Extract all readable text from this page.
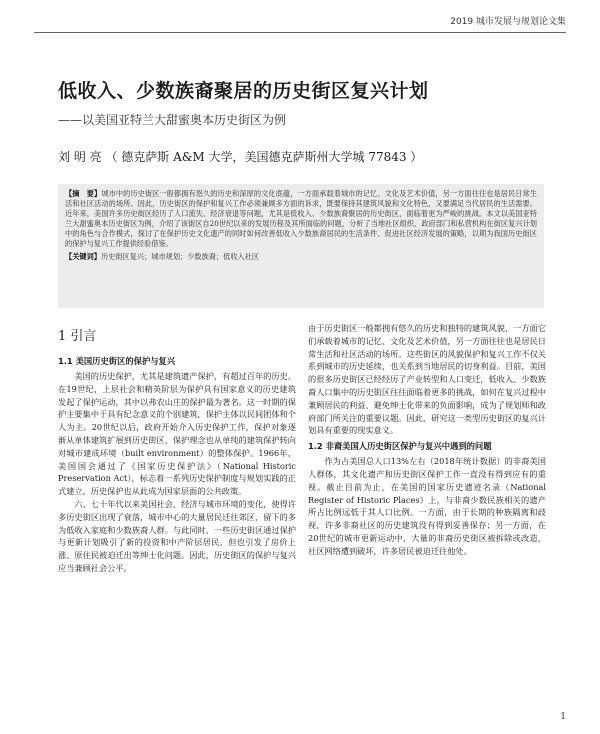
2019 城市发展与规划论文集
低收入、少数族裔聚居的历史街区复兴计划
——以美国亚特兰大甜蜜奥本历史街区为例
刘 明 亮 （ 德克萨斯 A&M 大学，美国德克萨斯州大学城 77843 ）
【摘　要】城市中的历史街区一般都拥有悠久的历史和深厚的文化底蕴，一方面承载着城市的记忆、文化及艺术价值，另一方面往往也是居民日常生活和社区活动的场所。因此，历史街区的保护和复兴工作必须兼顾多方面的诉求，既要保持其建筑风貌和文化特色，又要满足当代居民的生活需要。近年来，美国许多历史街区经历了人口流失、经济衰退等问题，尤其是低收入、少数族裔聚居的历史街区，面临着更为严峻的挑战。本文以美国亚特兰大甜蜜奥本历史街区为例，介绍了该街区自20世纪以来的发展历程及其所面临的问题，分析了当地社区组织、政府部门和私营机构在街区复兴计划中的角色与合作模式，探讨了在保护历史文化遗产的同时如何改善低收入少数族裔居民的生活条件、促进社区经济发展的策略，以期为我国历史街区的保护与复兴工作提供经验借鉴。
【关键词】历史街区复兴；城市规划；少数族裔；低收入社区
1 引言
1.1 美国历史街区的保护与复兴

美国的历史保护，尤其是建筑遗产保护，有超过百年的历史。在19世纪，上层社会和精英阶层为保护具有国家意义的历史建筑发起了保护运动，其中以弗农山庄的保护最为著名。这一时期的保护主要集中于具有纪念意义的个别建筑，保护主体以民间团体和个人为主。20世纪以后，政府开始介入历史保护工作，保护对象逐渐从单体建筑扩展到历史街区，保护理念也从单纯的建筑保护转向对城市建成环境（built environment）的整体保护。1966年，美国国会通过了《国家历史保护法》（National Historic Preservation Act），标志着一系列历史保护制度与规划实践的正式建立，历史保护也从此成为国家层面的公共政策。

六、七十年代以来美国社会、经济与城市环境的变化，使得许多历史街区出现了衰落，城市中心的大量居民迁往郊区，留下的多为低收入家庭和少数族裔人群。与此同时，一些历史街区通过保护与更新计划吸引了新的投资和中产阶层居民，但也引发了房价上涨、原住民被迫迁出等绅士化问题。因此，历史街区的保护与复兴应当兼顾社会公平。

由于历史街区一般都拥有悠久的历史和独特的建筑风貌，一方面它们承载着城市的记忆、文化及艺术价值，另一方面往往也是居民日常生活和社区活动的场所。这些街区的风貌保护和复兴工作不仅关系到城市的历史延续，也关系到当地居民的切身利益。目前，美国的很多历史街区已经经历了产业转型和人口变迁，低收入、少数族裔人口集中的历史街区往往面临着更多的挑战，如何在复兴过程中兼顾居民的利益、避免绅士化带来的负面影响，成为了规划师和政府部门所关注的重要议题。因此，研究这一类型历史街区的复兴计划具有重要的现实意义。

1.2 非裔美国人历史街区保护与复兴中遇到的问题

作为占美国总人口13%左右（2018年统计数据）的非裔美国人群体，其文化遗产和历史街区保护工作一直没有得到应有的重视。截止目前为止，在美国的国家历史遗迹名录（National Register of Historic Places）上，与非裔少数民族相关的遗产所占比例远低于其人口比例。一方面，由于长期的种族隔离和歧视，许多非裔社区的历史建筑没有得到妥善保存；另一方面，在20世纪的城市更新运动中，大量的非裔历史街区被拆除或改造，社区网络遭到破坏，许多居民被迫迁往他处。

1
